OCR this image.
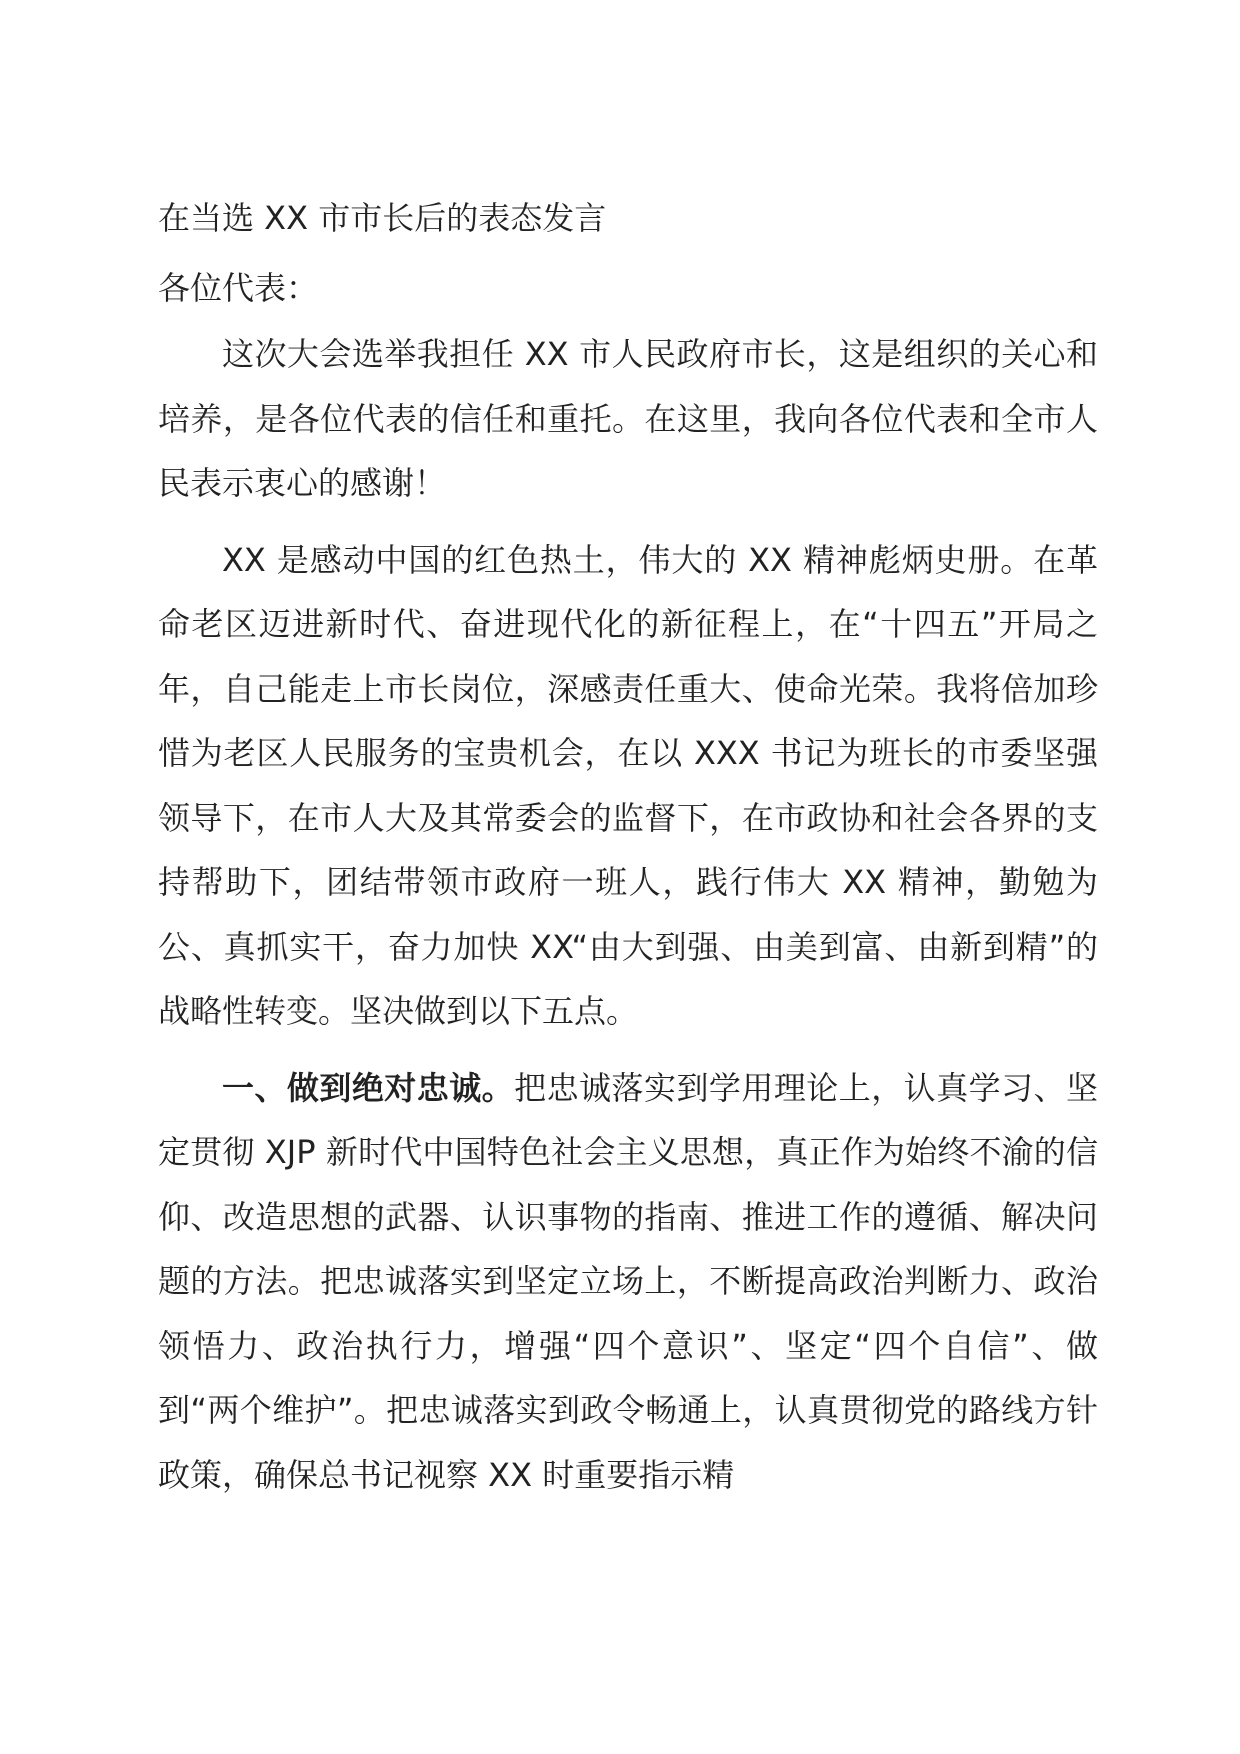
在当选 XX 市市长后的表态发言

各位代表：

这次大会选举我担任 XX 市人民政府市长，这是组织的关心和培养，是各位代表的信任和重托。在这里，我向各位代表和全市人民表示衷心的感谢！

XX 是感动中国的红色热土，伟大的 XX 精神彪炳史册。在革命老区迈进新时代、奋进现代化的新征程上，在“十四五”开局之年，自己能走上市长岗位，深感责任重大、使命光荣。我将倍加珍惜为老区人民服务的宝贵机会，在以 XXX 书记为班长的市委坚强领导下，在市人大及其常委会的监督下，在市政协和社会各界的支持帮助下，团结带领市政府一班人，践行伟大 XX 精神，勤勉为公、真抓实干，奋力加快 XX“由大到强、由美到富、由新到精”的战略性转变。坚决做到以下五点。

一、做到绝对忠诚。把忠诚落实到学用理论上，认真学习、坚定贯彻 XJP 新时代中国特色社会主义思想，真正作为始终不渝的信仰、改造思想的武器、认识事物的指南、推进工作的遵循、解决问题的方法。把忠诚落实到坚定立场上，不断提高政治判断力、政治领悟力、政治执行力，增强“四个意识”、坚定“四个自信”、做到“两个维护”。把忠诚落实到政令畅通上，认真贯彻党的路线方针政策，确保总书记视察 XX 时重要指示精
